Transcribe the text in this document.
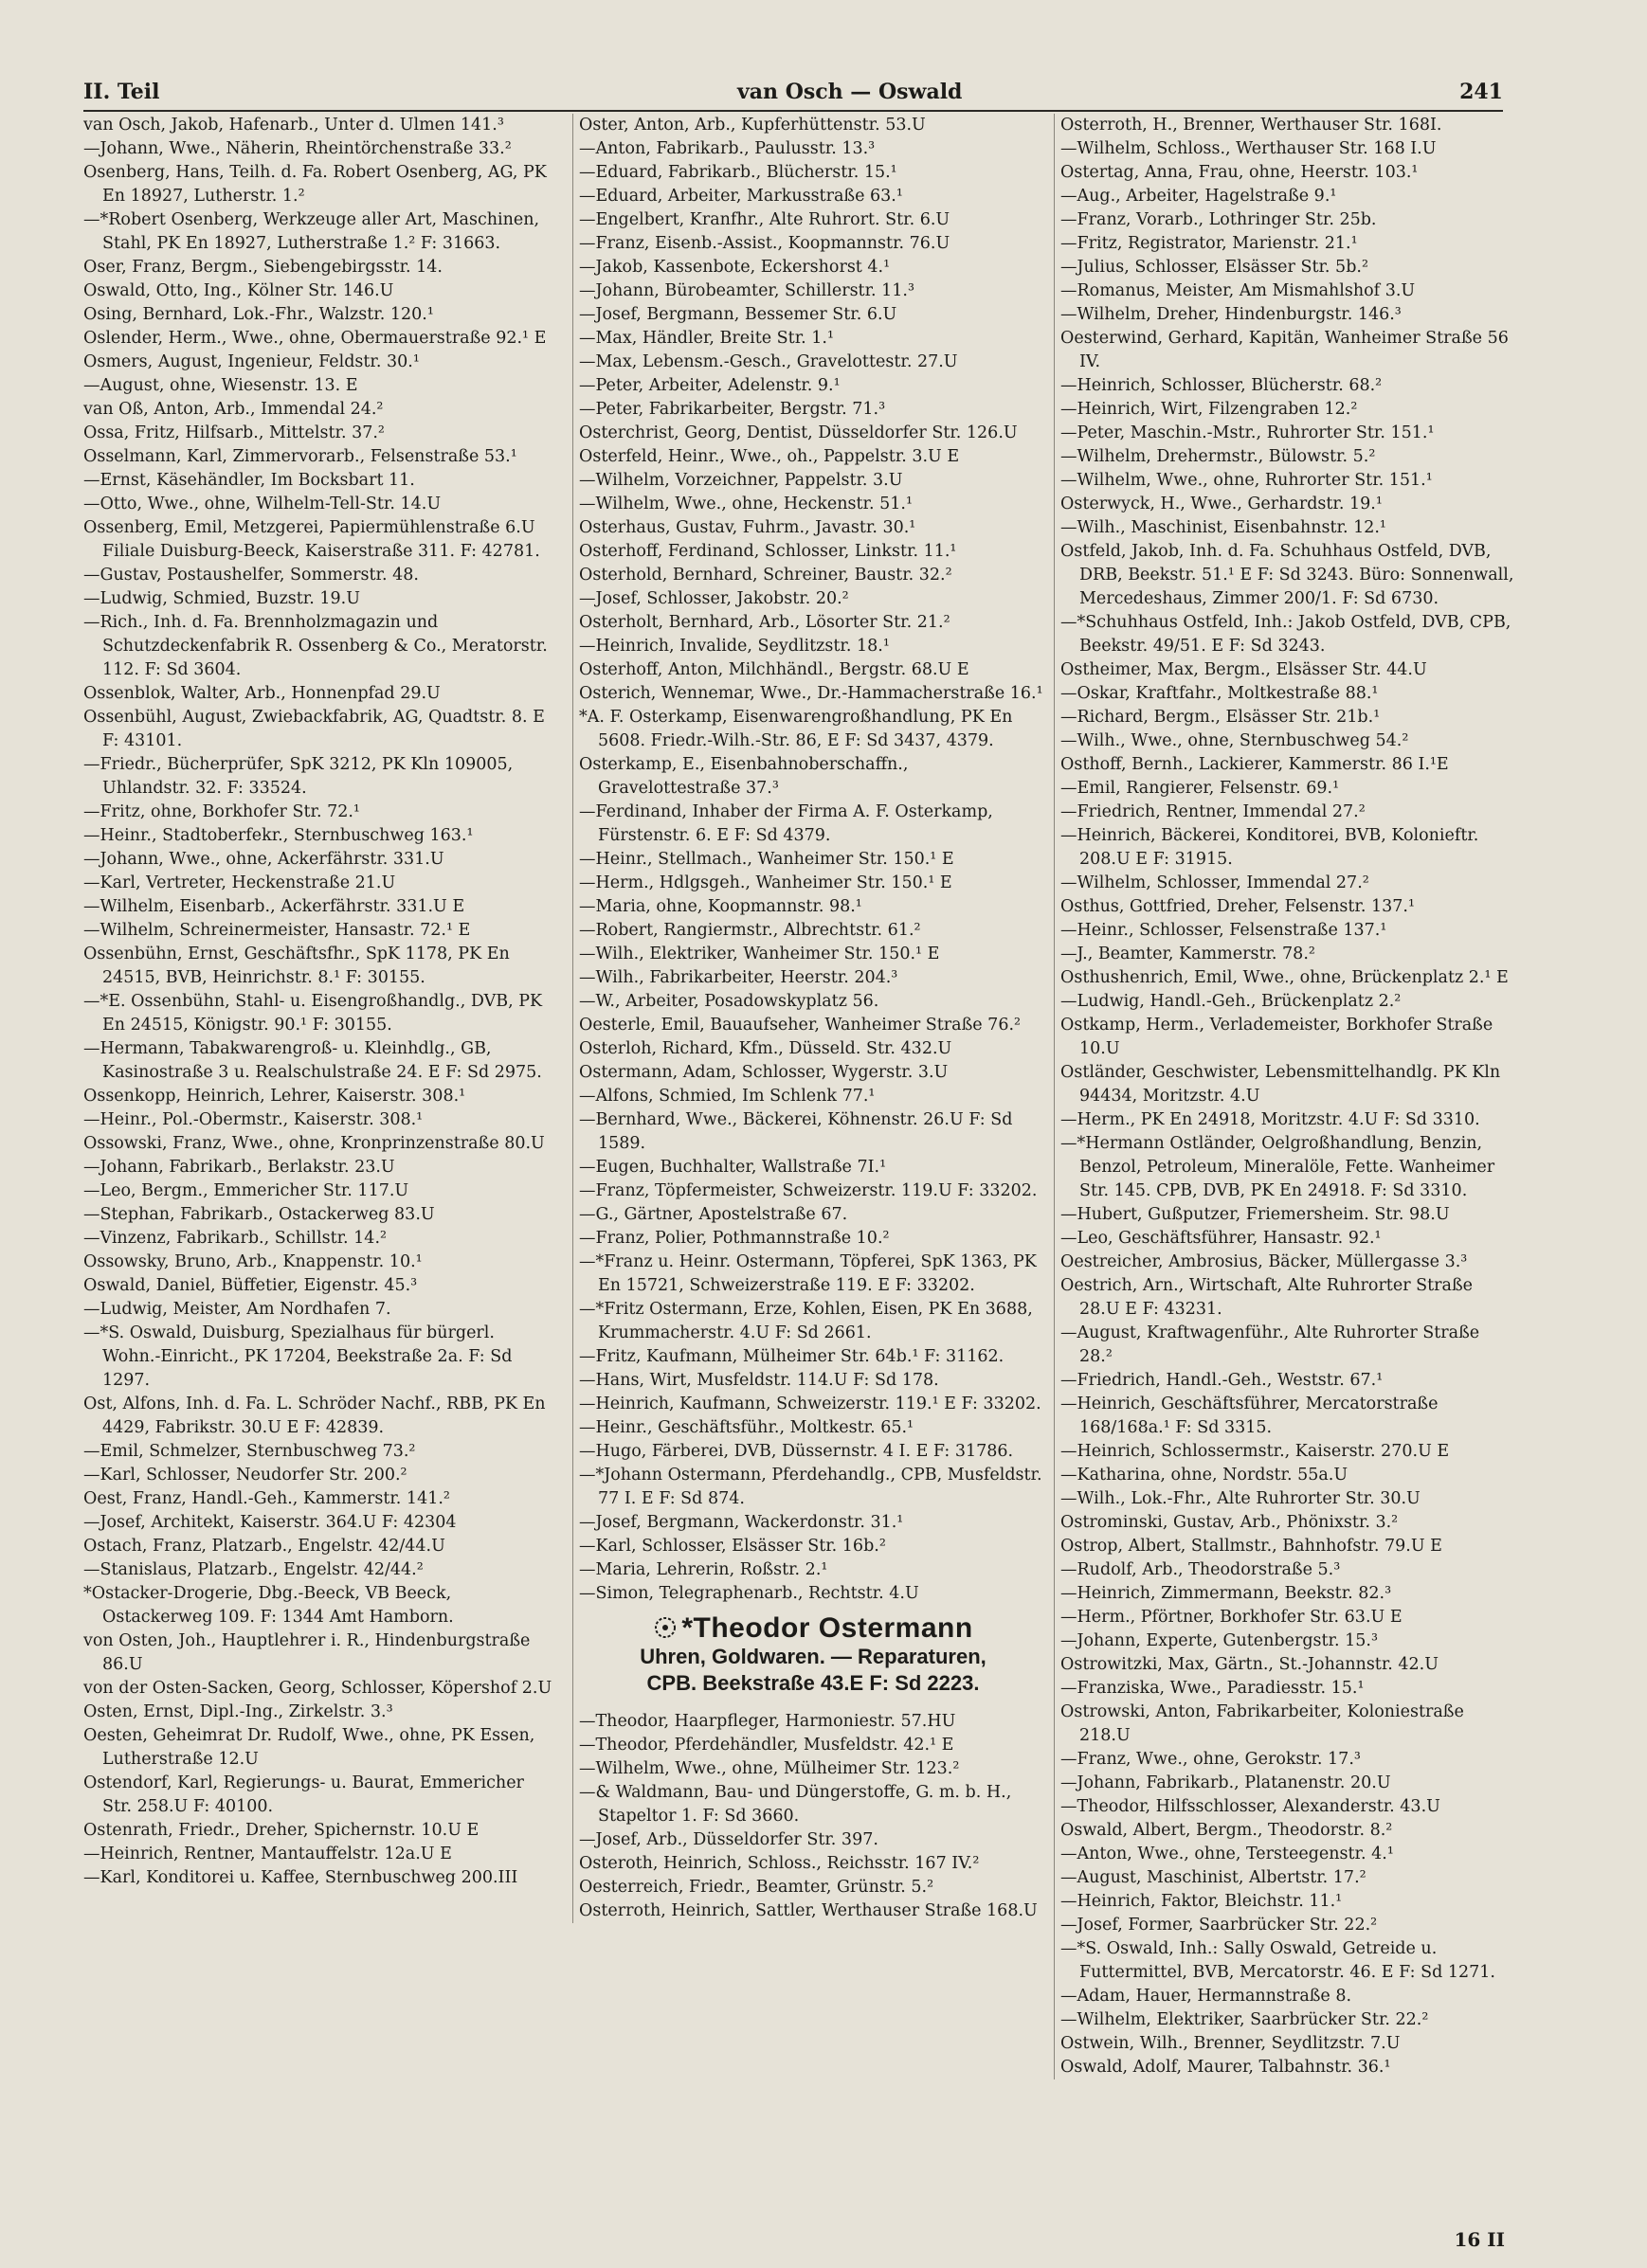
II. Teil	van Osch — Oswald	241

van Osch, Jakob, Hafenarb., Unter d. Ulmen 141.³

—Johann, Wwe., Näherin, Rheintörchenstraße 33.²

Osenberg, Hans, Teilh. d. Fa. Robert Osenberg, AG, PK En 18927, Lutherstr. 1.²

—*Robert Osenberg, Werkzeuge aller Art, Maschinen, Stahl, PK En 18927, Lutherstraße 1.² F: 31663.

Oser, Franz, Bergm., Siebengebirgsstr. 14.

Oswald, Otto, Ing., Kölner Str. 146.U

Osing, Bernhard, Lok.-Fhr., Walzstr. 120.¹

Oslender, Herm., Wwe., ohne, Obermauerstraße 92.¹ E

Osmers, August, Ingenieur, Feldstr. 30.¹

—August, ohne, Wiesenstr. 13. E

van Oß, Anton, Arb., Immendal 24.²

Ossa, Fritz, Hilfsarb., Mittelstr. 37.²

Osselmann, Karl, Zimmervorarb., Felsenstraße 53.¹

—Ernst, Käsehändler, Im Bocksbart 11.

—Otto, Wwe., ohne, Wilhelm-Tell-Str. 14.U

Ossenberg, Emil, Metzgerei, Papiermühlenstraße 6.U Filiale Duisburg-Beeck, Kaiserstraße 311. F: 42781.

—Gustav, Postaushelfer, Sommerstr. 48.

—Ludwig, Schmied, Buzstr. 19.U

—Rich., Inh. d. Fa. Brennholzmagazin und Schutzdeckenfabrik R. Ossenberg & Co., Meratorstr. 112. F: Sd 3604.

Ossenblok, Walter, Arb., Honnenpfad 29.U

Ossenbühl, August, Zwiebackfabrik, AG, Quadtstr. 8. E F: 43101.

—Friedr., Bücherprüfer, SpK 3212, PK Kln 109005, Uhlandstr. 32. F: 33524.

—Fritz, ohne, Borkhofer Str. 72.¹

—Heinr., Stadtoberfekr., Sternbuschweg 163.¹

—Johann, Wwe., ohne, Ackerfährstr. 331.U

—Karl, Vertreter, Heckenstraße 21.U

—Wilhelm, Eisenbarb., Ackerfährstr. 331.U E

—Wilhelm, Schreinermeister, Hansastr. 72.¹ E

Ossenbühn, Ernst, Geschäftsfhr., SpK 1178, PK En 24515, BVB, Heinrichstr. 8.¹ F: 30155.

—*E. Ossenbühn, Stahl- u. Eisengroßhandlg., DVB, PK En 24515, Königstr. 90.¹ F: 30155.

—Hermann, Tabakwarengroß- u. Kleinhdlg., GB, Kasinostraße 3 u. Realschulstraße 24. E F: Sd 2975.

Ossenkopp, Heinrich, Lehrer, Kaiserstr. 308.¹

—Heinr., Pol.-Obermstr., Kaiserstr. 308.¹

Ossowski, Franz, Wwe., ohne, Kronprinzenstraße 80.U

—Johann, Fabrikarb., Berlakstr. 23.U

—Leo, Bergm., Emmericher Str. 117.U

—Stephan, Fabrikarb., Ostackerweg 83.U

—Vinzenz, Fabrikarb., Schillstr. 14.²

Ossowsky, Bruno, Arb., Knappenstr. 10.¹

Oswald, Daniel, Büffetier, Eigenstr. 45.³

—Ludwig, Meister, Am Nordhafen 7.

—*S. Oswald, Duisburg, Spezialhaus für bürgerl. Wohn.-Einricht., PK 17204, Beekstraße 2a. F: Sd 1297.

Ost, Alfons, Inh. d. Fa. L. Schröder Nachf., RBB, PK En 4429, Fabrikstr. 30.U E F: 42839.

—Emil, Schmelzer, Sternbuschweg 73.²

—Karl, Schlosser, Neudorfer Str. 200.²

Oest, Franz, Handl.-Geh., Kammerstr. 141.²

—Josef, Architekt, Kaiserstr. 364.U F: 42304

Ostach, Franz, Platzarb., Engelstr. 42/44.U

—Stanislaus, Platzarb., Engelstr. 42/44.²

*Ostacker-Drogerie, Dbg.-Beeck, VB Beeck, Ostackerweg 109. F: 1344 Amt Hamborn.

von Osten, Joh., Hauptlehrer i. R., Hindenburgstraße 86.U

von der Osten-Sacken, Georg, Schlosser, Köpershof 2.U

Osten, Ernst, Dipl.-Ing., Zirkelstr. 3.³

Oesten, Geheimrat Dr. Rudolf, Wwe., ohne, PK Essen, Lutherstraße 12.U

Ostendorf, Karl, Regierungs- u. Baurat, Emmericher Str. 258.U F: 40100.

Ostenrath, Friedr., Dreher, Spichernstr. 10.U E

—Heinrich, Rentner, Mantauffelstr. 12a.U E

—Karl, Konditorei u. Kaffee, Sternbuschweg 200.III

Oster, Anton, Arb., Kupferhüttenstr. 53.U

—Anton, Fabrikarb., Paulusstr. 13.³

—Eduard, Fabrikarb., Blücherstr. 15.¹

—Eduard, Arbeiter, Markusstraße 63.¹

—Engelbert, Kranfhr., Alte Ruhrort. Str. 6.U

—Franz, Eisenb.-Assist., Koopmannstr. 76.U

—Jakob, Kassenbote, Eckershorst 4.¹

—Johann, Bürobeamter, Schillerstr. 11.³

—Josef, Bergmann, Bessemer Str. 6.U

—Max, Händler, Breite Str. 1.¹

—Max, Lebensm.-Gesch., Gravelottestr. 27.U

—Peter, Arbeiter, Adelenstr. 9.¹

—Peter, Fabrikarbeiter, Bergstr. 71.³

Osterchrist, Georg, Dentist, Düsseldorfer Str. 126.U

Osterfeld, Heinr., Wwe., oh., Pappelstr. 3.U E

—Wilhelm, Vorzeichner, Pappelstr. 3.U

—Wilhelm, Wwe., ohne, Heckenstr. 51.¹

Osterhaus, Gustav, Fuhrm., Javastr. 30.¹

Osterhoff, Ferdinand, Schlosser, Linkstr. 11.¹

Osterhold, Bernhard, Schreiner, Baustr. 32.²

—Josef, Schlosser, Jakobstr. 20.²

Osterholt, Bernhard, Arb., Lösorter Str. 21.²

—Heinrich, Invalide, Seydlitzstr. 18.¹

Osterhoff, Anton, Milchhändl., Bergstr. 68.U E

Osterich, Wennemar, Wwe., Dr.-Hammacherstraße 16.¹

*A. F. Osterkamp, Eisenwarengroßhandlung, PK En 5608. Friedr.-Wilh.-Str. 86, E F: Sd 3437, 4379.

Osterkamp, E., Eisenbahnoberschaffn., Gravelottestraße 37.³

—Ferdinand, Inhaber der Firma A. F. Osterkamp, Fürstenstr. 6. E F: Sd 4379.

—Heinr., Stellmach., Wanheimer Str. 150.¹ E

—Herm., Hdlgsgeh., Wanheimer Str. 150.¹ E

—Maria, ohne, Koopmannstr. 98.¹

—Robert, Rangiermstr., Albrechtstr. 61.²

—Wilh., Elektriker, Wanheimer Str. 150.¹ E

—Wilh., Fabrikarbeiter, Heerstr. 204.³

—W., Arbeiter, Posadowskyplatz 56.

Oesterle, Emil, Bauaufseher, Wanheimer Straße 76.²

Osterloh, Richard, Kfm., Düsseld. Str. 432.U

Ostermann, Adam, Schlosser, Wygerstr. 3.U

—Alfons, Schmied, Im Schlenk 77.¹

—Bernhard, Wwe., Bäckerei, Köhnenstr. 26.U F: Sd 1589.

—Eugen, Buchhalter, Wallstraße 7I.¹

—Franz, Töpfermeister, Schweizerstr. 119.U F: 33202.

—G., Gärtner, Apostelstraße 67.

—Franz, Polier, Pothmannstraße 10.²

—*Franz u. Heinr. Ostermann, Töpferei, SpK 1363, PK En 15721, Schweizerstraße 119. E F: 33202.

—*Fritz Ostermann, Erze, Kohlen, Eisen, PK En 3688, Krummacherstr. 4.U F: Sd 2661.

—Fritz, Kaufmann, Mülheimer Str. 64b.¹ F: 31162.

—Hans, Wirt, Musfeldstr. 114.U F: Sd 178.

—Heinrich, Kaufmann, Schweizerstr. 119.¹ E F: 33202.

—Heinr., Geschäftsführ., Moltkestr. 65.¹

—Hugo, Färberei, DVB, Düssernstr. 4 I. E F: 31786.

—*Johann Ostermann, Pferdehandlg., CPB, Musfeldstr. 77 I. E F: Sd 874.

—Josef, Bergmann, Wackerdonstr. 31.¹

—Karl, Schlosser, Elsässer Str. 16b.²

—Maria, Lehrerin, Roßstr. 2.¹

—Simon, Telegraphenarb., Rechtstr. 4.U

*Theodor Ostermann
Uhren, Goldwaren. — Reparaturen,
CPB. Beekstraße 43.E F: Sd 2223.

—Theodor, Haarpfleger, Harmoniestr. 57.HU

—Theodor, Pferdehändler, Musfeldstr. 42.¹ E

—Wilhelm, Wwe., ohne, Mülheimer Str. 123.²

—& Waldmann, Bau- und Düngerstoffe, G. m. b. H., Stapeltor 1. F: Sd 3660.

—Josef, Arb., Düsseldorfer Str. 397.

Osteroth, Heinrich, Schloss., Reichsstr. 167 IV.²

Oesterreich, Friedr., Beamter, Grünstr. 5.²

Osterroth, Heinrich, Sattler, Werthauser Straße 168.U

Osterroth, H., Brenner, Werthauser Str. 168I.

—Wilhelm, Schloss., Werthauser Str. 168 I.U

Ostertag, Anna, Frau, ohne, Heerstr. 103.¹

—Aug., Arbeiter, Hagelstraße 9.¹

—Franz, Vorarb., Lothringer Str. 25b.

—Fritz, Registrator, Marienstr. 21.¹

—Julius, Schlosser, Elsässer Str. 5b.²

—Romanus, Meister, Am Mismahlshof 3.U

—Wilhelm, Dreher, Hindenburgstr. 146.³

Oesterwind, Gerhard, Kapitän, Wanheimer Straße 56 IV.

—Heinrich, Schlosser, Blücherstr. 68.²

—Heinrich, Wirt, Filzengraben 12.²

—Peter, Maschin.-Mstr., Ruhrorter Str. 151.¹

—Wilhelm, Drehermstr., Bülowstr. 5.²

—Wilhelm, Wwe., ohne, Ruhrorter Str. 151.¹

Osterwyck, H., Wwe., Gerhardstr. 19.¹

—Wilh., Maschinist, Eisenbahnstr. 12.¹

Ostfeld, Jakob, Inh. d. Fa. Schuhhaus Ostfeld, DVB, DRB, Beekstr. 51.¹ E F: Sd 3243. Büro: Sonnenwall, Mercedeshaus, Zimmer 200/1. F: Sd 6730.

—*Schuhhaus Ostfeld, Inh.: Jakob Ostfeld, DVB, CPB, Beekstr. 49/51. E F: Sd 3243.

Ostheimer, Max, Bergm., Elsässer Str. 44.U

—Oskar, Kraftfahr., Moltkestraße 88.¹

—Richard, Bergm., Elsässer Str. 21b.¹

—Wilh., Wwe., ohne, Sternbuschweg 54.²

Osthoff, Bernh., Lackierer, Kammerstr. 86 I.¹E

—Emil, Rangierer, Felsenstr. 69.¹

—Friedrich, Rentner, Immendal 27.²

—Heinrich, Bäckerei, Konditorei, BVB, Kolonieftr. 208.U E F: 31915.

—Wilhelm, Schlosser, Immendal 27.²

Osthus, Gottfried, Dreher, Felsenstr. 137.¹

—Heinr., Schlosser, Felsenstraße 137.¹

—J., Beamter, Kammerstr. 78.²

Osthushenrich, Emil, Wwe., ohne, Brückenplatz 2.¹ E

—Ludwig, Handl.-Geh., Brückenplatz 2.²

Ostkamp, Herm., Verlademeister, Borkhofer Straße 10.U

Ostländer, Geschwister, Lebensmittelhandlg. PK Kln 94434, Moritzstr. 4.U

—Herm., PK En 24918, Moritzstr. 4.U F: Sd 3310.

—*Hermann Ostländer, Oelgroßhandlung, Benzin, Benzol, Petroleum, Mineralöle, Fette. Wanheimer Str. 145. CPB, DVB, PK En 24918. F: Sd 3310.

—Hubert, Gußputzer, Friemersheim. Str. 98.U

—Leo, Geschäftsführer, Hansastr. 92.¹

Oestreicher, Ambrosius, Bäcker, Müllergasse 3.³

Oestrich, Arn., Wirtschaft, Alte Ruhrorter Straße 28.U E F: 43231.

—August, Kraftwagenführ., Alte Ruhrorter Straße 28.²

—Friedrich, Handl.-Geh., Weststr. 67.¹

—Heinrich, Geschäftsführer, Mercatorstraße 168/168a.¹ F: Sd 3315.

—Heinrich, Schlossermstr., Kaiserstr. 270.U E

—Katharina, ohne, Nordstr. 55a.U

—Wilh., Lok.-Fhr., Alte Ruhrorter Str. 30.U

Ostrominski, Gustav, Arb., Phönixstr. 3.²

Ostrop, Albert, Stallmstr., Bahnhofstr. 79.U E

—Rudolf, Arb., Theodorstraße 5.³

—Heinrich, Zimmermann, Beekstr. 82.³

—Herm., Pförtner, Borkhofer Str. 63.U E

—Johann, Experte, Gutenbergstr. 15.³

Ostrowitzki, Max, Gärtn., St.-Johannstr. 42.U

—Franziska, Wwe., Paradiesstr. 15.¹

Ostrowski, Anton, Fabrikarbeiter, Koloniestraße 218.U

—Franz, Wwe., ohne, Gerokstr. 17.³

—Johann, Fabrikarb., Platanenstr. 20.U

—Theodor, Hilfsschlosser, Alexanderstr. 43.U

Oswald, Albert, Bergm., Theodorstr. 8.²

—Anton, Wwe., ohne, Tersteegenstr. 4.¹

—August, Maschinist, Albertstr. 17.²

—Heinrich, Faktor, Bleichstr. 11.¹

—Josef, Former, Saarbrücker Str. 22.²

—*S. Oswald, Inh.: Sally Oswald, Getreide u. Futtermittel, BVB, Mercatorstr. 46. E F: Sd 1271.

—Adam, Hauer, Hermannstraße 8.

—Wilhelm, Elektriker, Saarbrücker Str. 22.²

Ostwein, Wilh., Brenner, Seydlitzstr. 7.U

Oswald, Adolf, Maurer, Talbahnstr. 36.¹

16 II
